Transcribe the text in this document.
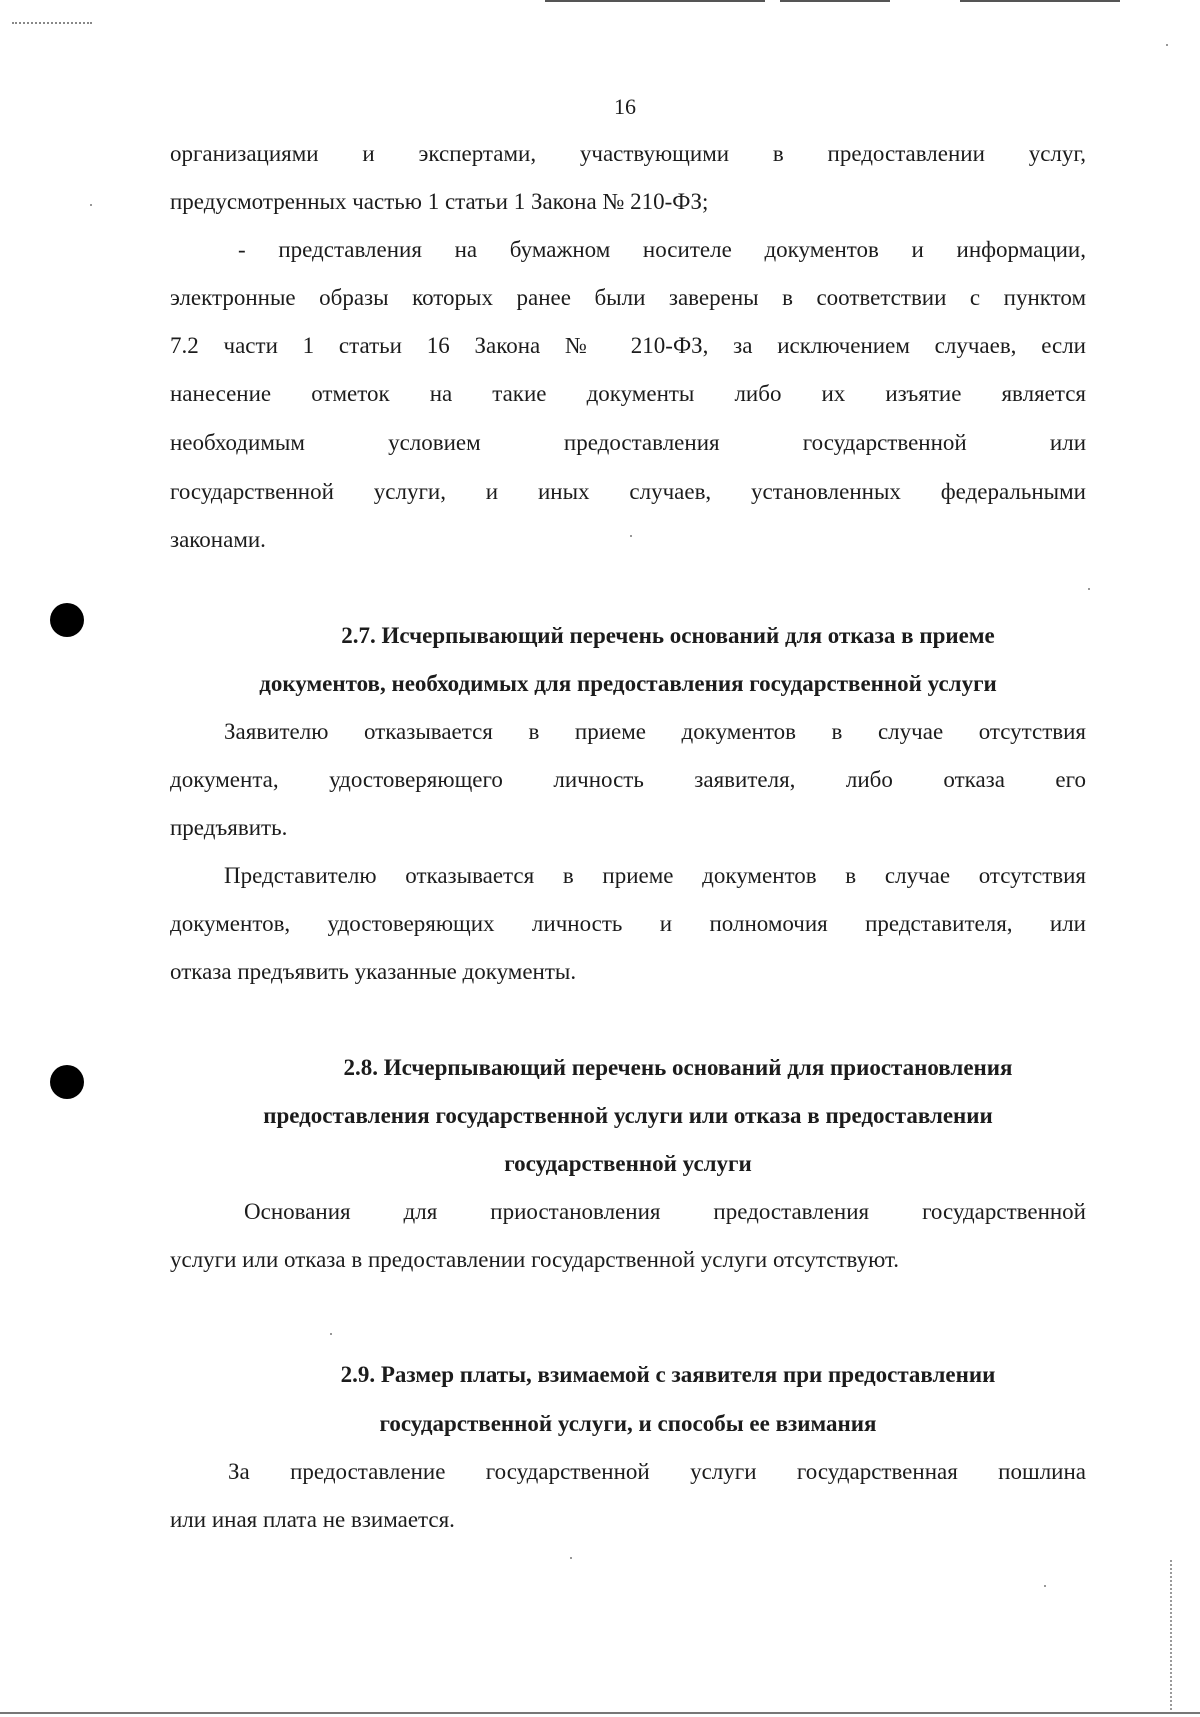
16
организациями и экспертами, участвующими в предоставлении услуг,
предусмотренных частью 1 статьи 1 Закона № 210-ФЗ;
- представления на бумажном носителе документов и информации,
электронные образы которых ранее были заверены в соответствии с пунктом
7.2 части 1 статьи 16 Закона № 210-ФЗ, за исключением случаев, если
нанесение отметок на такие документы либо их изъятие является
необходимым условием предоставления государственной или
государственной услуги, и иных случаев, установленных федеральными
законами.
2.7. Исчерпывающий перечень оснований для отказа в приеме
документов, необходимых для предоставления государственной услуги
Заявителю отказывается в приеме документов в случае отсутствия
документа, удостоверяющего личность заявителя, либо отказа его
предъявить.
Представителю отказывается в приеме документов в случае отсутствия
документов, удостоверяющих личность и полномочия представителя, или
отказа предъявить указанные документы.
2.8. Исчерпывающий перечень оснований для приостановления
предоставления государственной услуги или отказа в предоставлении
государственной услуги
Основания для приостановления предоставления государственной
услуги или отказа в предоставлении государственной услуги отсутствуют.
2.9. Размер платы, взимаемой с заявителя при предоставлении
государственной услуги, и способы ее взимания
За предоставление государственной услуги государственная пошлина
или иная плата не взимается.
